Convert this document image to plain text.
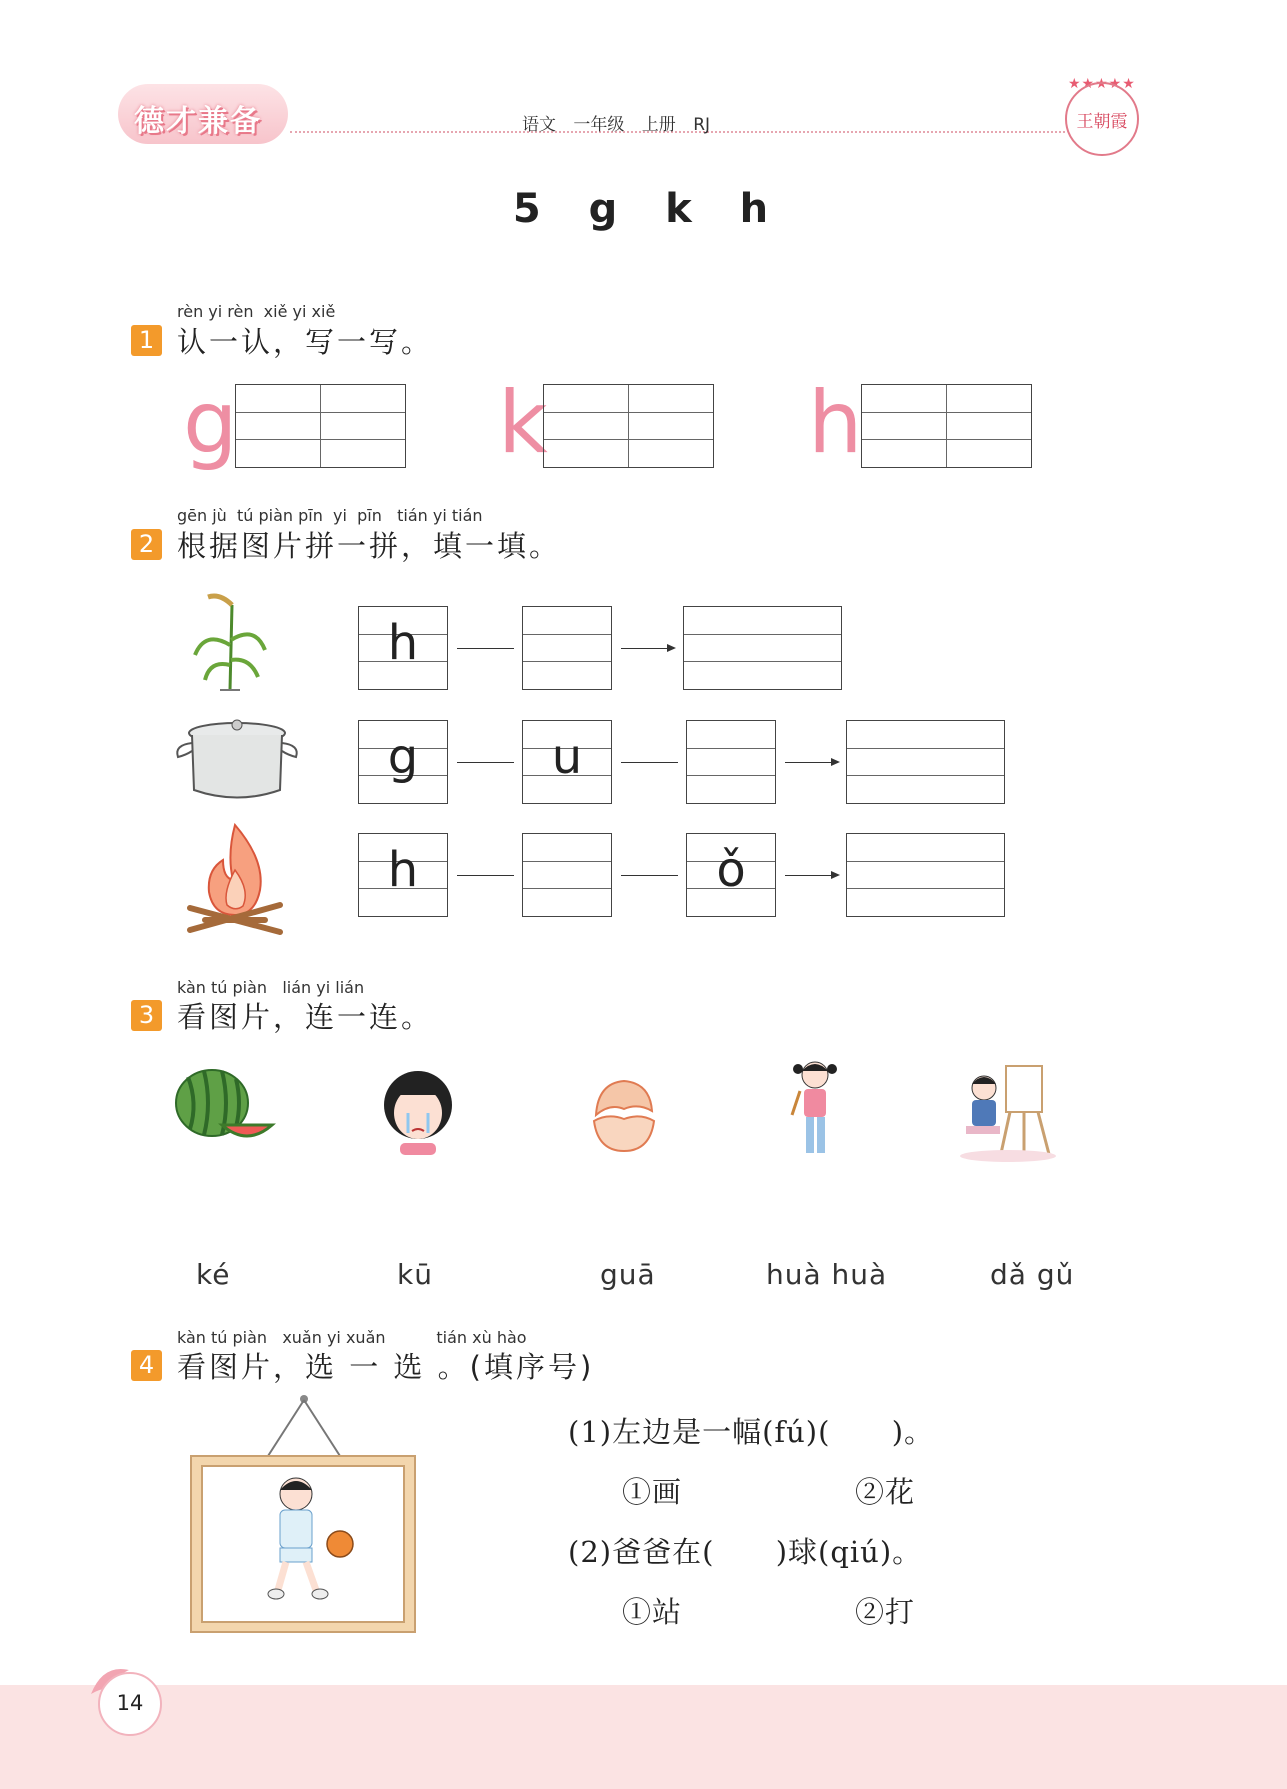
德才兼备	语文 一年级 上册 RJ
★★★★★
王朝霞
5 g k h
rèn yi rèn  xiě yi xiě
1 认一认，写一写。
g	k	h
gēn jù  tú piàn pīn  yi  pīn   tián yi tián
2 根据图片拼一拼，填一填。
h
g	u
h	ǒ
kàn tú piàn   lián yi lián
3 看图片，连一连。
ké	kū	guā	huà huà	dǎ gǔ
kàn tú piàn   xuǎn yi xuǎn          tián xù hào
4 看图片，选 一 选 。(填序号)
(1)左边是一幅(fú)(      )。
①画	②花
(2)爸爸在(      )球(qiú)。
①站	②打
14
